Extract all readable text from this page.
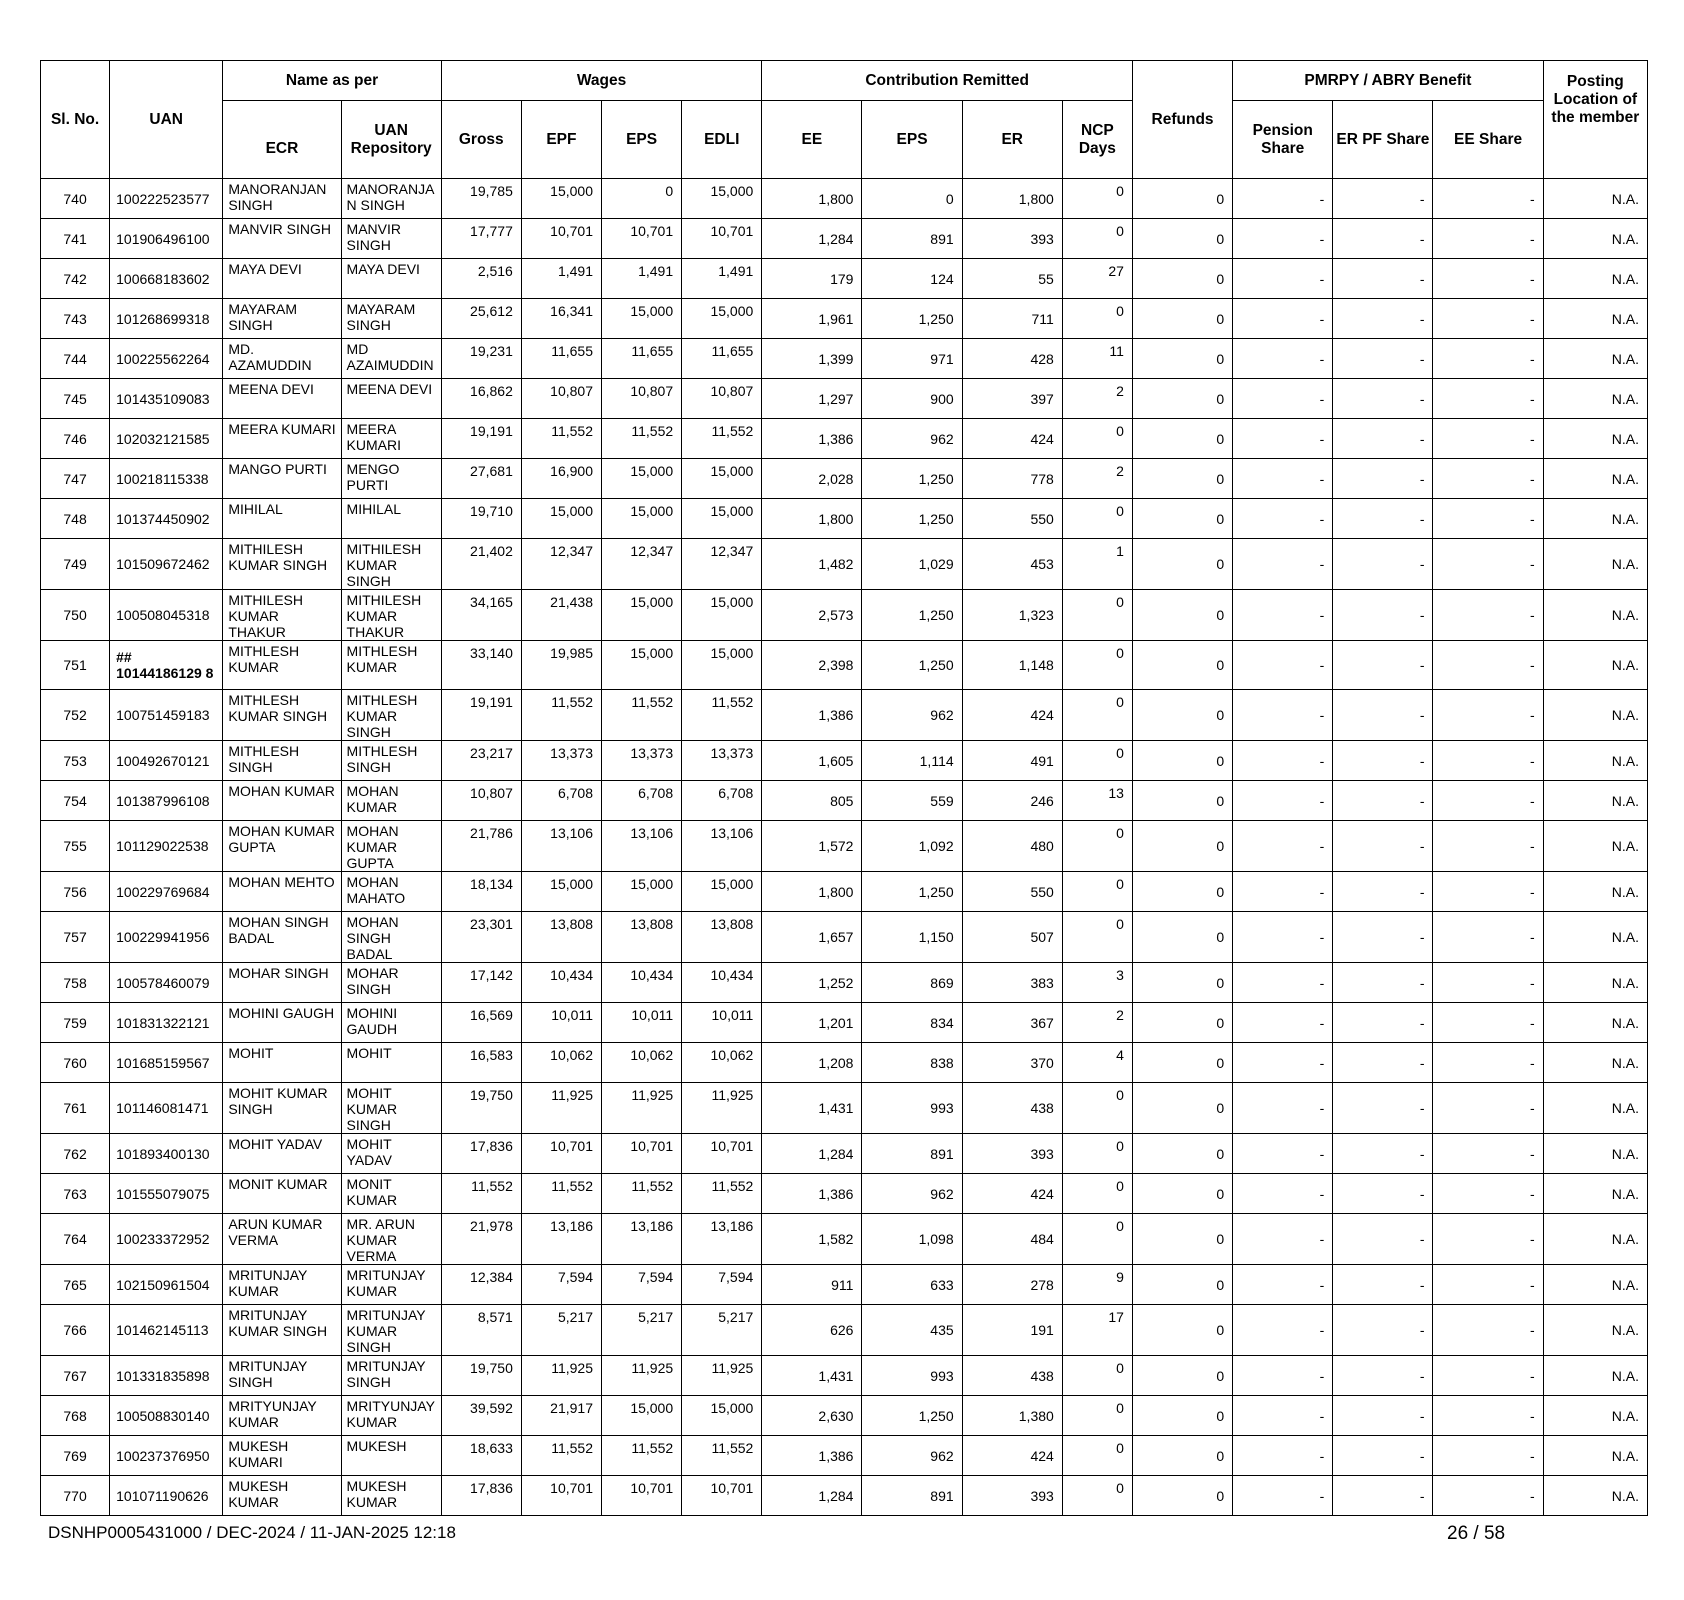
Sl. No.	UAN	Name as per		Wages				Contribution Remitted				Refunds	PMRPY / ABRY Benefit			Posting Location of the member
		ECR	UAN Repository	Gross	EPF	EPS	EDLI	EE	EPS	ER	NCP Days		Pension Share	ER PF Share	EE Share	
740	100222523577	MANORANJAN SINGH	MANORANJA N SINGH	19,785	15,000	0	15,000	1,800	0	1,800	0	0	-	-	-	N.A.
741	101906496100	MANVIR SINGH	MANVIR SINGH	17,777	10,701	10,701	10,701	1,284	891	393	0	0	-	-	-	N.A.
742	100668183602	MAYA DEVI	MAYA DEVI	2,516	1,491	1,491	1,491	179	124	55	27	0	-	-	-	N.A.
743	101268699318	MAYARAM SINGH	MAYARAM SINGH	25,612	16,341	15,000	15,000	1,961	1,250	711	0	0	-	-	-	N.A.
744	100225562264	MD. AZAMUDDIN	MD AZAIMUDDIN	19,231	11,655	11,655	11,655	1,399	971	428	11	0	-	-	-	N.A.
745	101435109083	MEENA DEVI	MEENA DEVI	16,862	10,807	10,807	10,807	1,297	900	397	2	0	-	-	-	N.A.
746	102032121585	MEERA KUMARI	MEERA KUMARI	19,191	11,552	11,552	11,552	1,386	962	424	0	0	-	-	-	N.A.
747	100218115338	MANGO PURTI	MENGO PURTI	27,681	16,900	15,000	15,000	2,028	1,250	778	2	0	-	-	-	N.A.
748	101374450902	MIHILAL	MIHILAL	19,710	15,000	15,000	15,000	1,800	1,250	550	0	0	-	-	-	N.A.
749	101509672462	MITHILESH KUMAR SINGH	MITHILESH KUMAR SINGH	21,402	12,347	12,347	12,347	1,482	1,029	453	1	0	-	-	-	N.A.
750	100508045318	MITHILESH KUMAR THAKUR	MITHILESH KUMAR THAKUR	34,165	21,438	15,000	15,000	2,573	1,250	1,323	0	0	-	-	-	N.A.
751	## 10144186129 8	MITHLESH KUMAR	MITHLESH KUMAR	33,140	19,985	15,000	15,000	2,398	1,250	1,148	0	0	-	-	-	N.A.
752	100751459183	MITHLESH KUMAR SINGH	MITHLESH KUMAR SINGH	19,191	11,552	11,552	11,552	1,386	962	424	0	0	-	-	-	N.A.
753	100492670121	MITHLESH SINGH	MITHLESH SINGH	23,217	13,373	13,373	13,373	1,605	1,114	491	0	0	-	-	-	N.A.
754	101387996108	MOHAN KUMAR	MOHAN KUMAR	10,807	6,708	6,708	6,708	805	559	246	13	0	-	-	-	N.A.
755	101129022538	MOHAN KUMAR GUPTA	MOHAN KUMAR GUPTA	21,786	13,106	13,106	13,106	1,572	1,092	480	0	0	-	-	-	N.A.
756	100229769684	MOHAN MEHTO	MOHAN MAHATO	18,134	15,000	15,000	15,000	1,800	1,250	550	0	0	-	-	-	N.A.
757	100229941956	MOHAN SINGH BADAL	MOHAN SINGH BADAL	23,301	13,808	13,808	13,808	1,657	1,150	507	0	0	-	-	-	N.A.
758	100578460079	MOHAR SINGH	MOHAR SINGH	17,142	10,434	10,434	10,434	1,252	869	383	3	0	-	-	-	N.A.
759	101831322121	MOHINI GAUGH	MOHINI GAUDH	16,569	10,011	10,011	10,011	1,201	834	367	2	0	-	-	-	N.A.
760	101685159567	MOHIT	MOHIT	16,583	10,062	10,062	10,062	1,208	838	370	4	0	-	-	-	N.A.
761	101146081471	MOHIT KUMAR SINGH	MOHIT KUMAR SINGH	19,750	11,925	11,925	11,925	1,431	993	438	0	0	-	-	-	N.A.
762	101893400130	MOHIT YADAV	MOHIT YADAV	17,836	10,701	10,701	10,701	1,284	891	393	0	0	-	-	-	N.A.
763	101555079075	MONIT KUMAR	MONIT KUMAR	11,552	11,552	11,552	11,552	1,386	962	424	0	0	-	-	-	N.A.
764	100233372952	ARUN KUMAR VERMA	MR. ARUN KUMAR VERMA	21,978	13,186	13,186	13,186	1,582	1,098	484	0	0	-	-	-	N.A.
765	102150961504	MRITUNJAY KUMAR	MRITUNJAY KUMAR	12,384	7,594	7,594	7,594	911	633	278	9	0	-	-	-	N.A.
766	101462145113	MRITUNJAY KUMAR SINGH	MRITUNJAY KUMAR SINGH	8,571	5,217	5,217	5,217	626	435	191	17	0	-	-	-	N.A.
767	101331835898	MRITUNJAY SINGH	MRITUNJAY SINGH	19,750	11,925	11,925	11,925	1,431	993	438	0	0	-	-	-	N.A.
768	100508830140	MRITYUNJAY KUMAR	MRITYUNJAY KUMAR	39,592	21,917	15,000	15,000	2,630	1,250	1,380	0	0	-	-	-	N.A.
769	100237376950	MUKESH KUMARI	MUKESH	18,633	11,552	11,552	11,552	1,386	962	424	0	0	-	-	-	N.A.
770	101071190626	MUKESH KUMAR	MUKESH KUMAR	17,836	10,701	10,701	10,701	1,284	891	393	0	0	-	-	-	N.A.
DSNHP0005431000 / DEC-2024 / 11-JAN-2025 12:18	26 / 58
